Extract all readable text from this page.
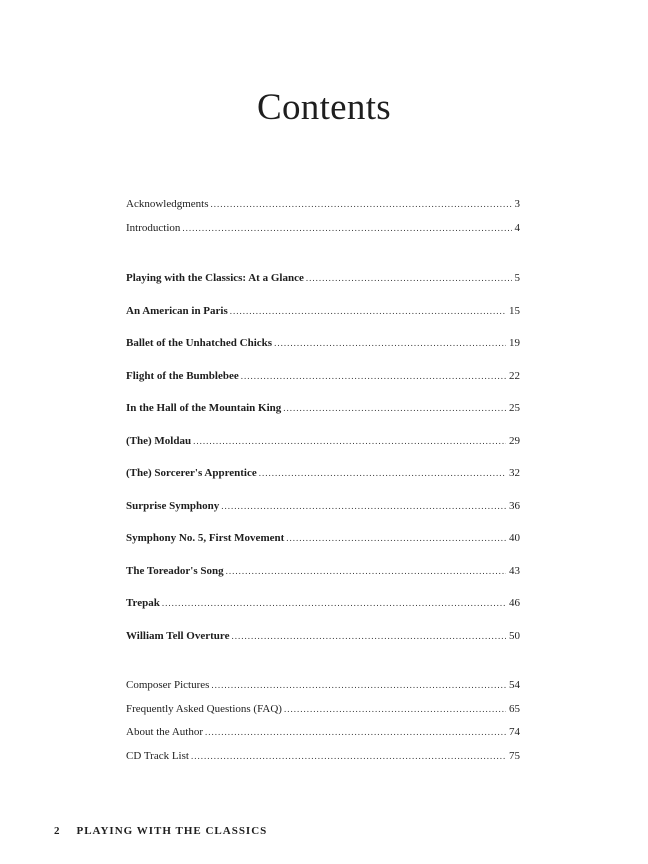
Contents
Acknowledgments .....	3
Introduction .....	4
Playing with the Classics: At a Glance .....	5
An American in Paris .....	15
Ballet of the Unhatched Chicks .....	19
Flight of the Bumblebee .....	22
In the Hall of the Mountain King .....	25
(The) Moldau .....	29
(The) Sorcerer's Apprentice .....	32
Surprise Symphony .....	36
Symphony No. 5, First Movement .....	40
The Toreador's Song .....	43
Trepak .....	46
William Tell Overture .....	50
Composer Pictures .....	54
Frequently Asked Questions (FAQ) .....	65
About the Author .....	74
CD Track List .....	75
2 PLAYING WITH THE CLASSICS
